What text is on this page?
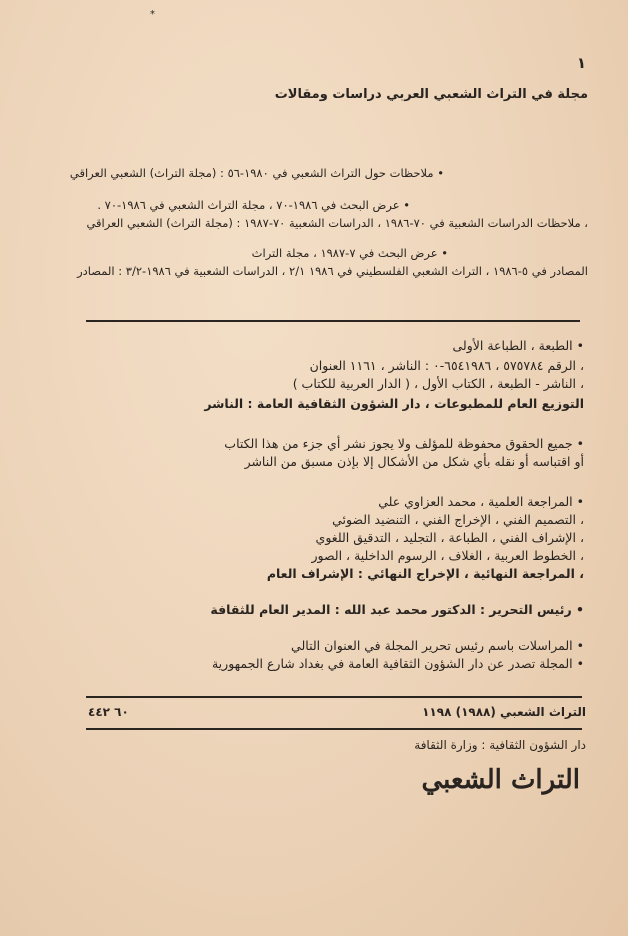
*
١
مجلة في التراث الشعبي العربي دراسات ومقالات
• ملاحظات حول التراث الشعبي في ١٩٨٠-٥٦ : (مجلة التراث) الشعبي العراقي
• عرض البحث في ١٩٨٦-٧٠ ، مجلة التراث الشعبي في ١٩٨٦-٧٠ .
، ملاحظات الدراسات الشعبية في ٧٠-١٩٨٦ ، الدراسات الشعبية ٧٠-١٩٨٧ : (مجلة التراث) الشعبي العراقي
• عرض البحث في ٧-١٩٨٧ ، مجلة التراث
المصادر في ٥-١٩٨٦ ، التراث الشعبي الفلسطيني في ١٩٨٦ ٢/١ ، الدراسات الشعبية في ١٩٨٦-٣/٢ : المصادر
• الطبعة ، الطباعة الأولى
، الرقم ٥٧٥٧٨٤ ، ٦٥٤١٩٨٦-٠ : الناشر ، ١١٦١ العنوان
، الناشر - الطبعة ، الكتاب الأول ، ( الدار العربية للكتاب )
التوزيع العام للمطبوعات ، دار الشؤون الثقافية العامة : الناشر
• جميع الحقوق محفوظة للمؤلف ولا يجوز نشر أي جزء من هذا الكتاب
أو اقتباسه أو نقله بأي شكل من الأشكال إلا بإذن مسبق من الناشر
• المراجعة العلمية ، محمد العزاوي علي
، التصميم الفني ، الإخراج الفني ، التنضيد الضوئي
، الإشراف الفني ، الطباعة ، التجليد ، التدقيق اللغوي
، الخطوط العربية ، الغلاف ، الرسوم الداخلية ، الصور
، المراجعة النهائية ، الإخراج النهائي : الإشراف العام
• رئيس التحرير : الدكتور محمد عبد الله : المدير العام للثقافة
• المراسلات باسم رئيس تحرير المجلة في العنوان التالي
• المجلة تصدر عن دار الشؤون الثقافية العامة في بغداد شارع الجمهورية
٦٠ ٤٤٢	التراث الشعبي (١٩٨٨) ١١٩٨
دار الشؤون الثقافية : وزارة الثقافة
التراث الشعبي
